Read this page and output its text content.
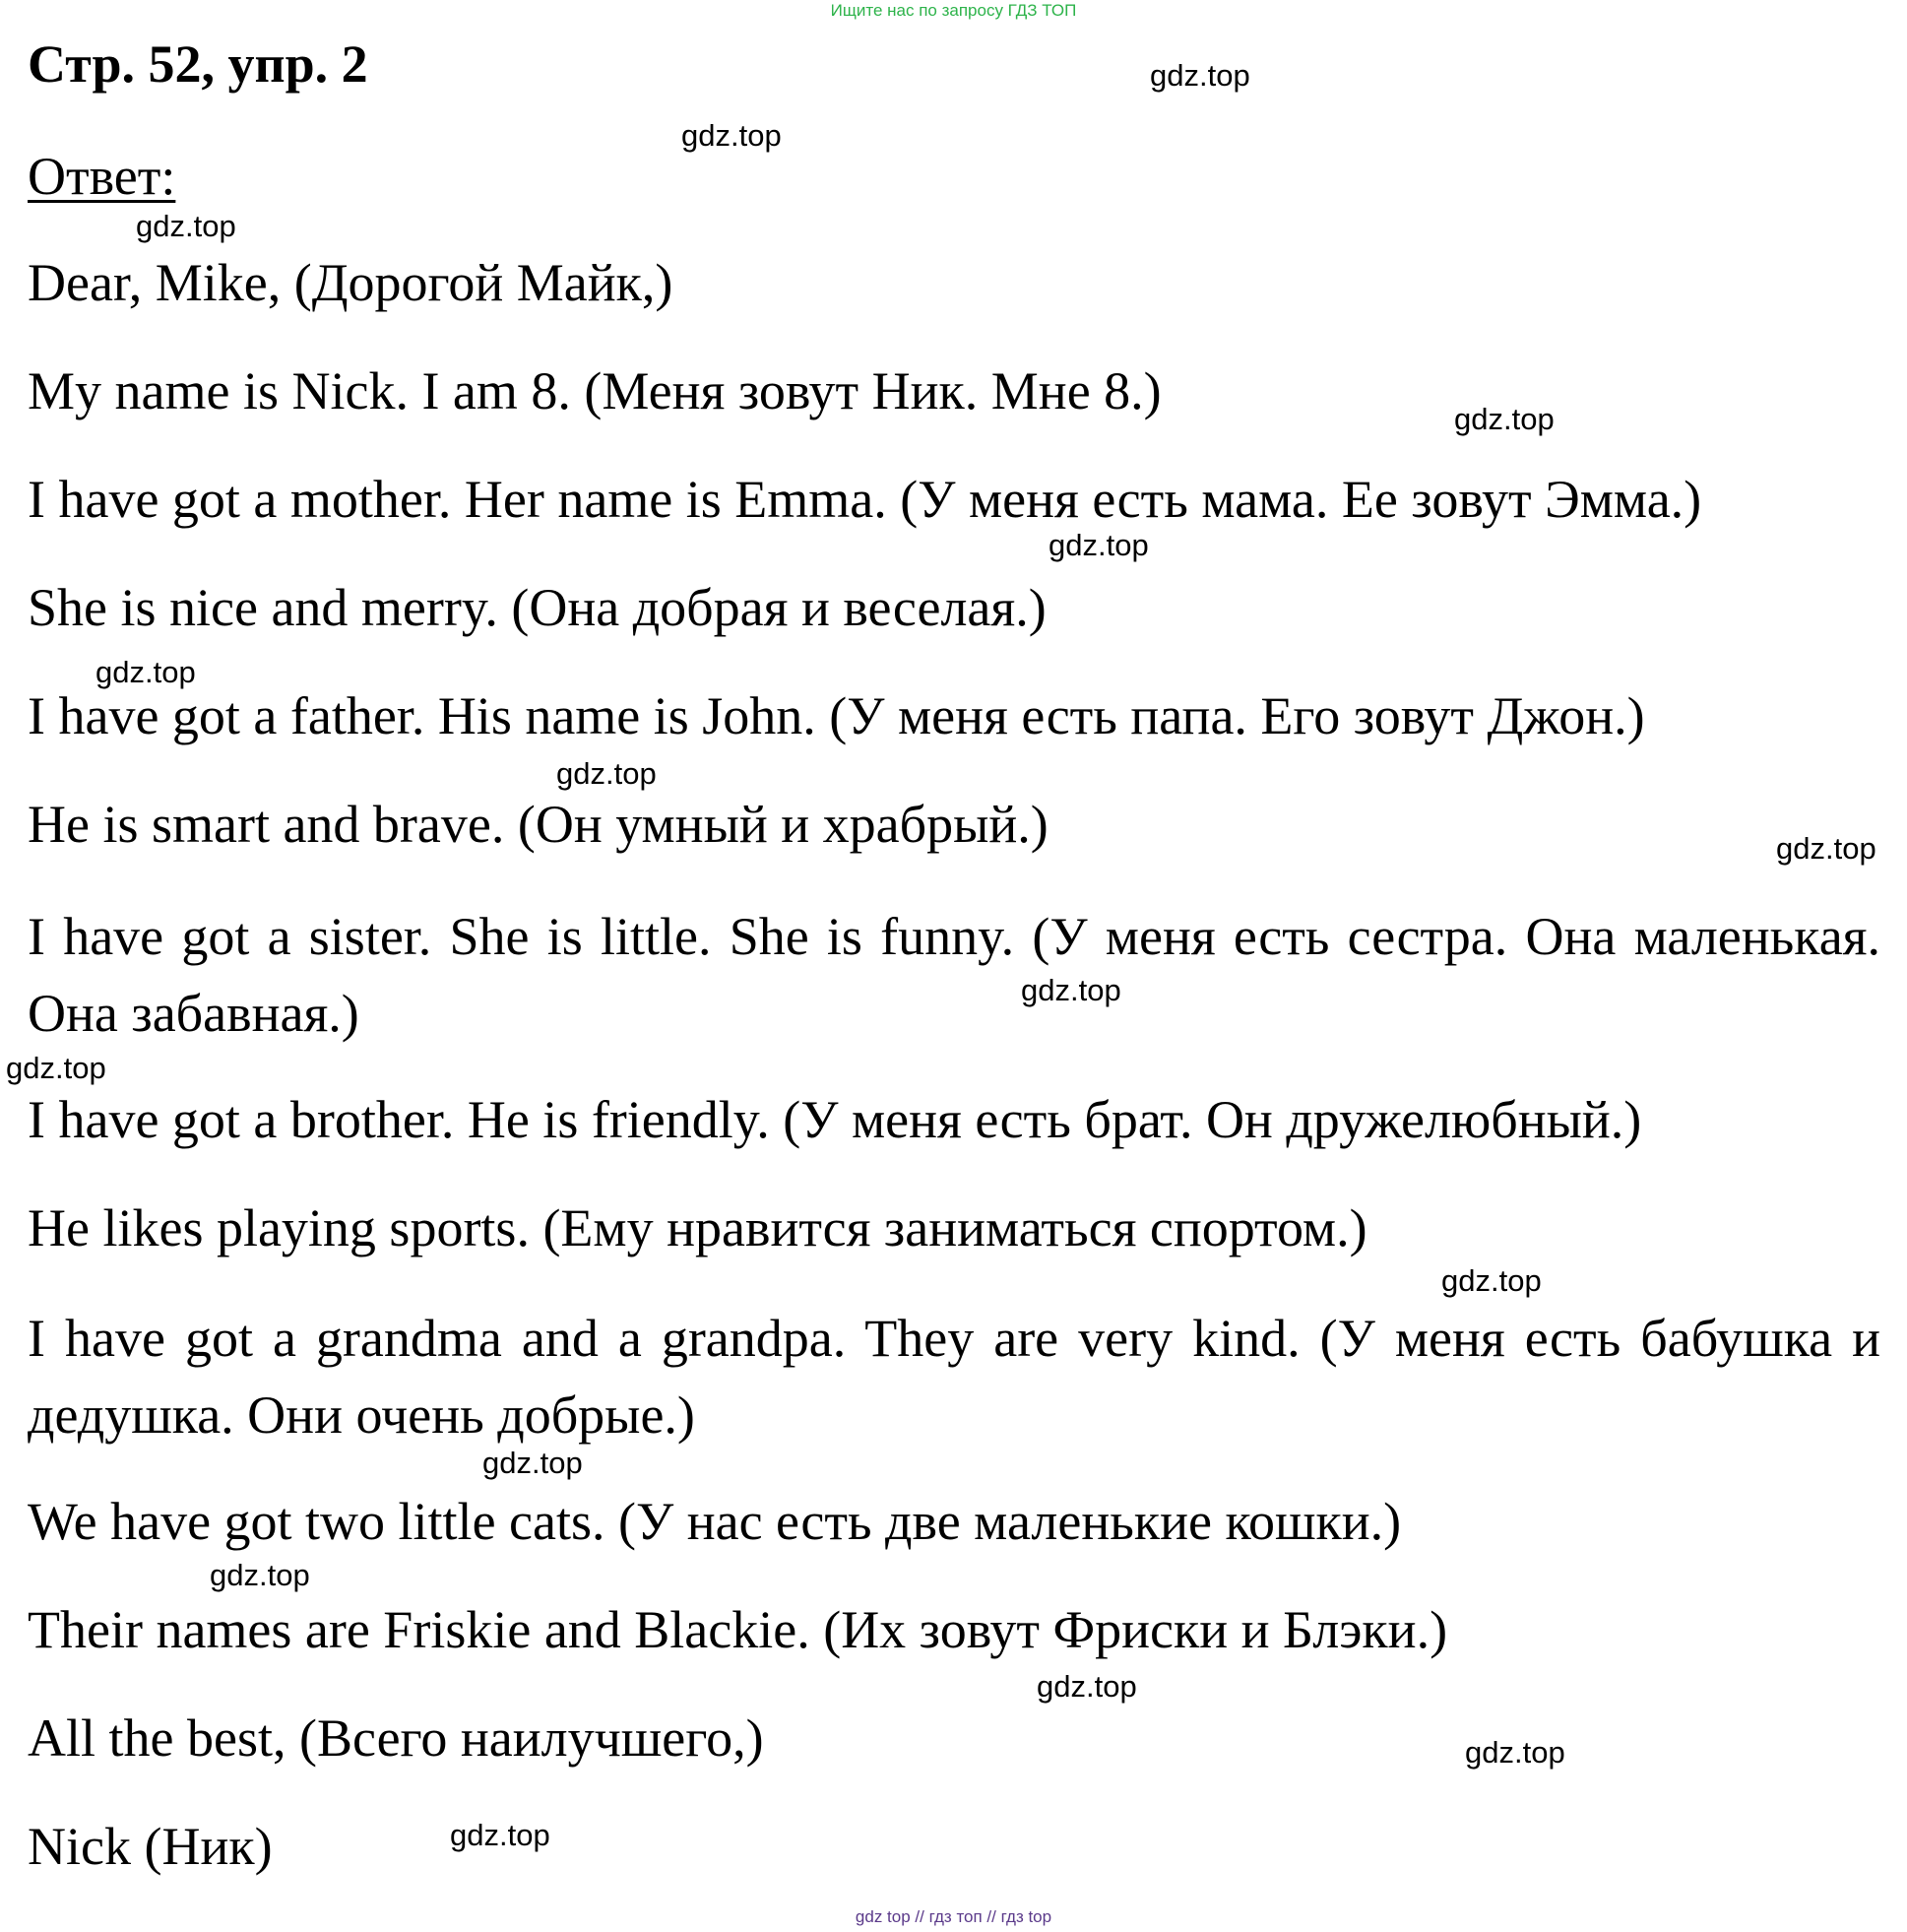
Ищите нас по запросу ГДЗ ТОП
Стр. 52, упр. 2
Ответ:
Dear, Mike, (Дорогой Майк,)
My name is Nick. I am 8. (Меня зовут Ник. Мне 8.)
I have got a mother. Her name is Emma. (У меня есть мама. Ее зовут Эмма.)
She is nice and merry. (Она добрая и веселая.)
I have got a father. His name is John. (У меня есть папа. Его зовут Джон.)
He is smart and brave. (Он умный и храбрый.)
I have got a sister. She is little. She is funny. (У меня есть сестра. Она маленькая. Она забавная.)
I have got a brother. He is friendly. (У меня есть брат. Он дружелюбный.)
He likes playing sports. (Ему нравится заниматься спортом.)
I have got a grandma and a grandpa. They are very kind. (У меня есть бабушка и дедушка. Они очень добрые.)
We have got two little cats. (У нас есть две маленькие кошки.)
Their names are Friskie and Blackie. (Их зовут Фриски и Блэки.)
All the best, (Всего наилучшего,)
Nick (Ник)
gdz.top
gdz.top
gdz.top
gdz.top
gdz.top
gdz.top
gdz.top
gdz.top
gdz.top
gdz.top
gdz.top
gdz.top
gdz.top
gdz.top
gdz.top
gdz.top
gdz top // гдз топ // гдз top
